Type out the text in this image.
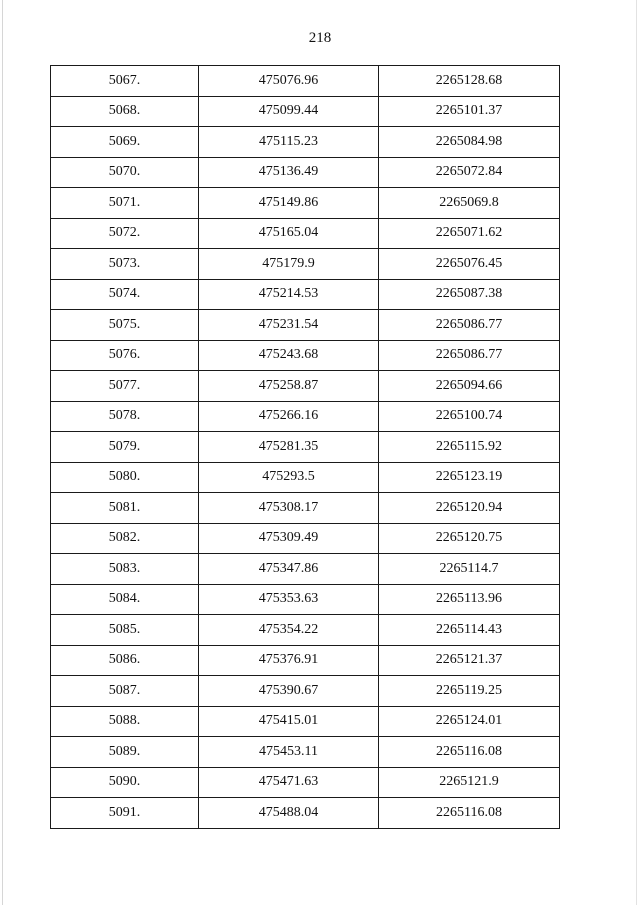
218
5067.	475076.96	2265128.68
5068.	475099.44	2265101.37
5069.	475115.23	2265084.98
5070.	475136.49	2265072.84
5071.	475149.86	2265069.8
5072.	475165.04	2265071.62
5073.	475179.9	2265076.45
5074.	475214.53	2265087.38
5075.	475231.54	2265086.77
5076.	475243.68	2265086.77
5077.	475258.87	2265094.66
5078.	475266.16	2265100.74
5079.	475281.35	2265115.92
5080.	475293.5	2265123.19
5081.	475308.17	2265120.94
5082.	475309.49	2265120.75
5083.	475347.86	2265114.7
5084.	475353.63	2265113.96
5085.	475354.22	2265114.43
5086.	475376.91	2265121.37
5087.	475390.67	2265119.25
5088.	475415.01	2265124.01
5089.	475453.11	2265116.08
5090.	475471.63	2265121.9
5091.	475488.04	2265116.08
